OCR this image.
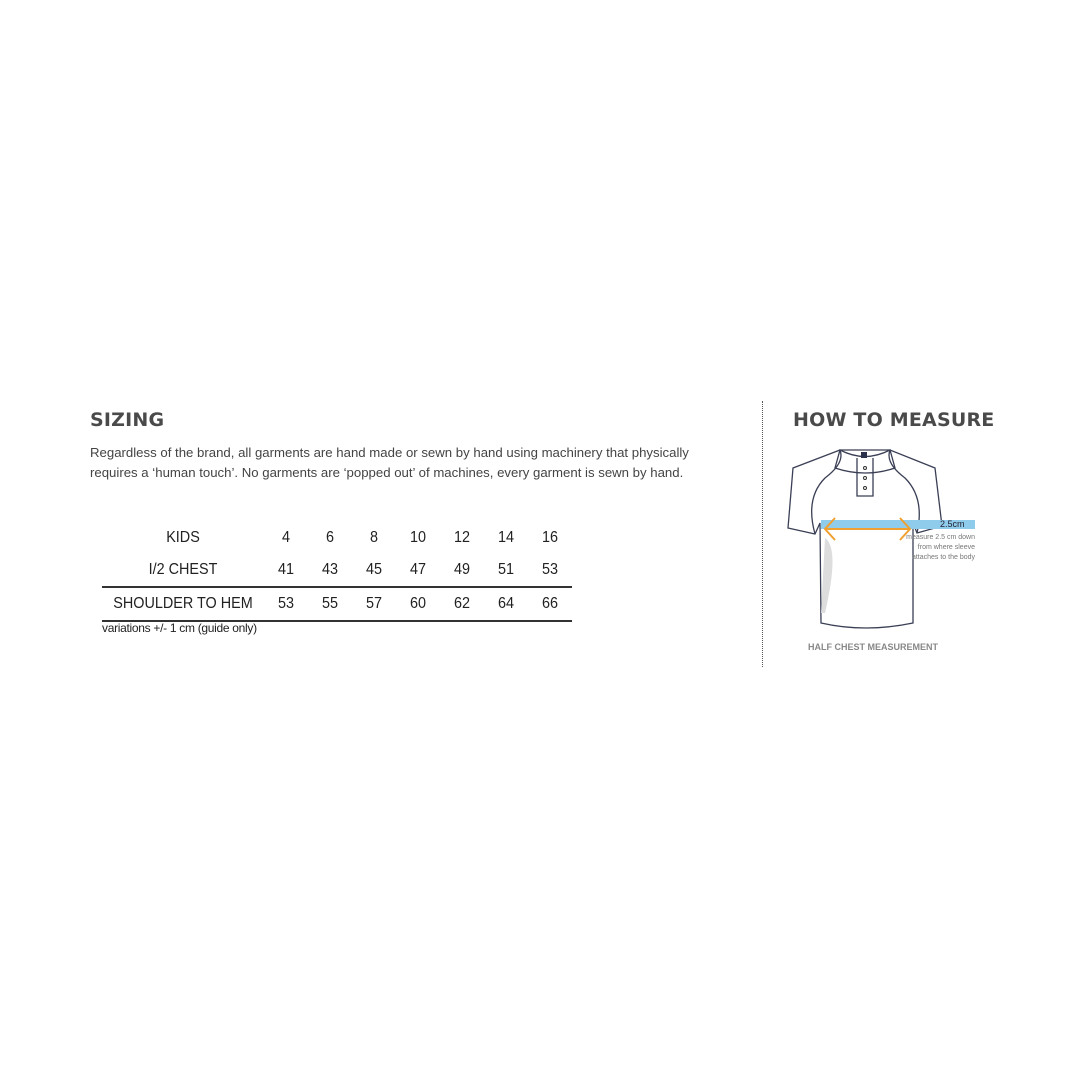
SIZING
Regardless of the brand, all garments are hand made or sewn by hand using machinery that physically requires a ‘human touch’. No garments are ‘popped out’ of machines, every garment is sewn by hand.
KIDS	4	6	8	10	12	14	16
I/2 CHEST	41	43	45	47	49	51	53
SHOULDER TO HEM	53	55	57	60	62	64	66
variations +/- 1 cm (guide only)
HOW TO MEASURE
2.5cm
measure 2.5 cm down from where sleeve attaches to the body
HALF CHEST MEASUREMENT
